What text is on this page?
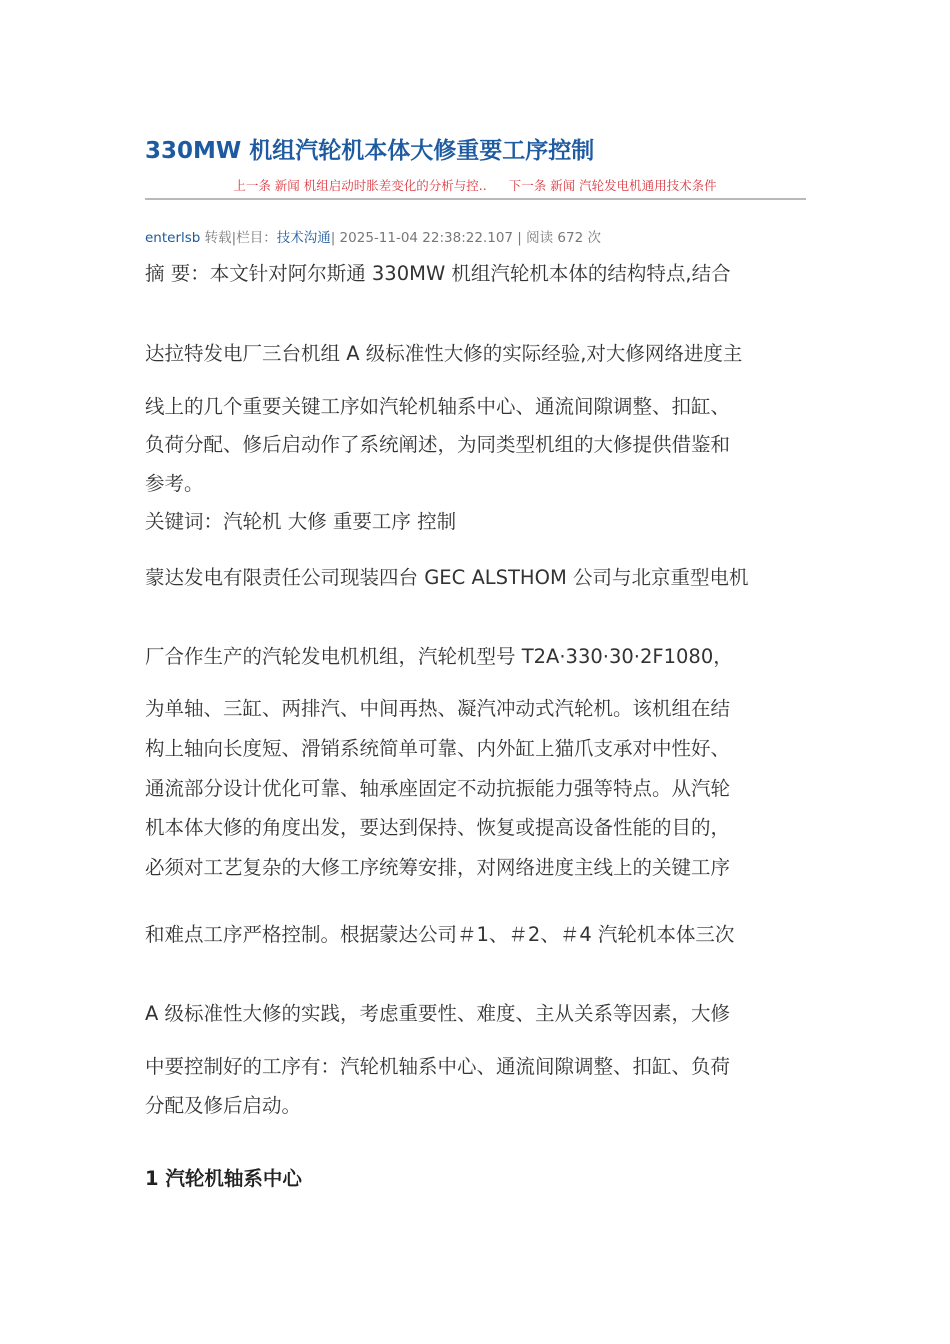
330MW 机组汽轮机本体大修重要工序控制
上一条 新闻 机组启动时胀差变化的分析与控.. 下一条 新闻 汽轮发电机通用技术条件
enterlsb 转载|栏目：技术沟通| 2025-11-04 22:38:22.107 | 阅读 672 次
摘 要：本文针对阿尔斯通 330MW 机组汽轮机本体的结构特点,结合
达拉特发电厂三台机组 A 级标准性大修的实际经验,对大修网络进度主
线上的几个重要关键工序如汽轮机轴系中心、通流间隙调整、扣缸、
负荷分配、修后启动作了系统阐述，为同类型机组的大修提供借鉴和
参考。
关键词：汽轮机 大修 重要工序 控制
蒙达发电有限责任公司现装四台 GEC ALSTHOM 公司与北京重型电机
厂合作生产的汽轮发电机机组，汽轮机型号 T2A·330·30·2F1080，
为单轴、三缸、两排汽、中间再热、凝汽冲动式汽轮机。该机组在结
构上轴向长度短、滑销系统简单可靠、内外缸上猫爪支承对中性好、
通流部分设计优化可靠、轴承座固定不动抗振能力强等特点。从汽轮
机本体大修的角度出发，要达到保持、恢复或提高设备性能的目的，
必须对工艺复杂的大修工序统筹安排，对网络进度主线上的关键工序
和难点工序严格控制。根据蒙达公司＃1、＃2、＃4 汽轮机本体三次
A 级标准性大修的实践，考虑重要性、难度、主从关系等因素，大修
中要控制好的工序有：汽轮机轴系中心、通流间隙调整、扣缸、负荷
分配及修后启动。
1 汽轮机轴系中心
